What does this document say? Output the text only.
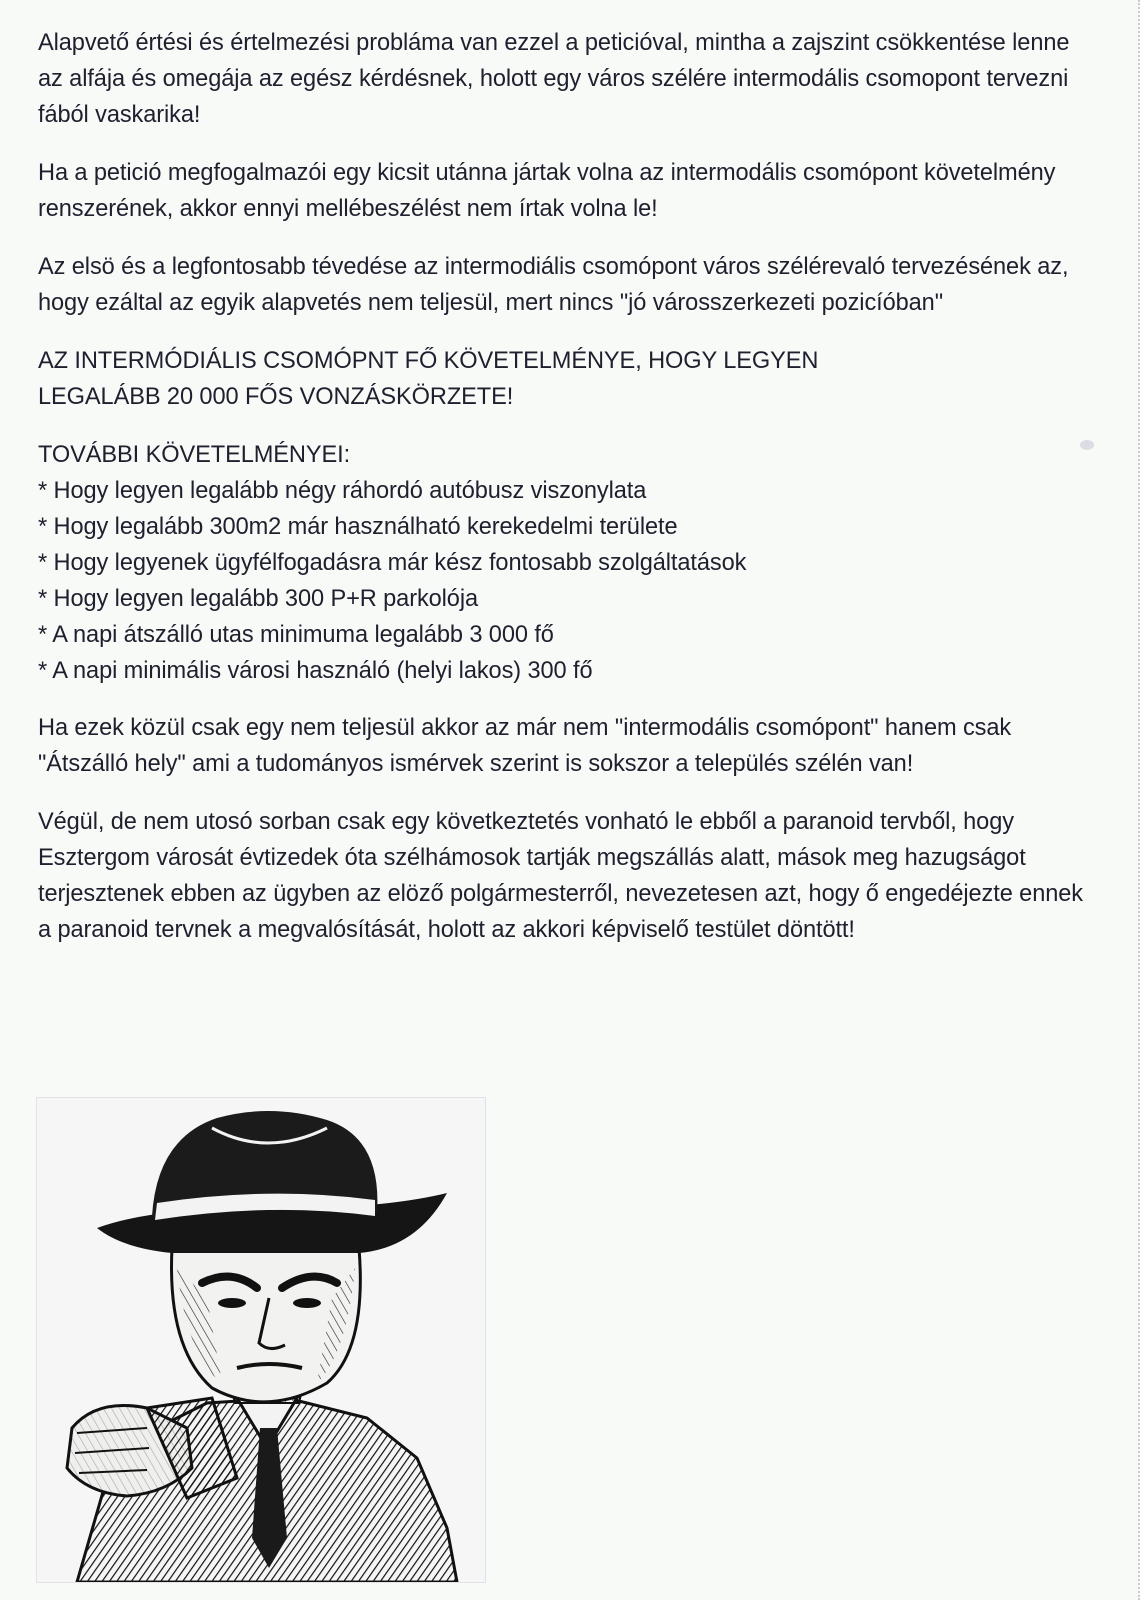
Alapvető értési és értelmezési probláma van ezzel a peticióval, mintha a zajszint csökkentése lenne az alfája és omegája az egész kérdésnek, holott egy város szélére intermodális csomopont tervezni fából vaskarika!

Ha a petició megfogalmazói egy kicsit utánna jártak volna az intermodális csomópont követelmény renszerének, akkor ennyi mellébeszélést nem írtak volna le!

Az elsö és a legfontosabb tévedése az intermodiális csomópont város szélérevaló tervezésének az, hogy ezáltal az egyik alapvetés nem teljesül, mert nincs "jó városszerkezeti pozicíóban"

AZ INTERMÓDIÁLIS CSOMÓPNT FŐ KÖVETELMÉNYE, HOGY LEGYEN
LEGALÁBB 20 000 FŐS VONZÁSKÖRZETE!

TOVÁBBI KÖVETELMÉNYEI:
* Hogy legyen legalább négy ráhordó autóbusz viszonylata
* Hogy legalább 300m2 már használható kerekedelmi területe
* Hogy legyenek ügyfélfogadásra már kész fontosabb szolgáltatások
* Hogy legyen legalább 300 P+R parkolója
* A napi átszálló utas minimuma legalább 3 000 fő
* A napi minimális városi használó (helyi lakos) 300 fő

Ha ezek közül csak egy nem teljesül akkor az már nem "intermodális csomópont" hanem csak "Átszálló hely" ami a tudományos ismérvek szerint is sokszor a település szélén van!

Végül, de nem utosó sorban csak egy következtetés vonható le ebből a paranoid tervből, hogy Esztergom városát évtizedek óta szélhámosok tartják megszállás alatt, mások meg hazugságot terjesztenek ebben az ügyben az elöző polgármesterről, nevezetesen azt, hogy ő engedéjezte ennek a paranoid tervnek a megvalósítását, holott az akkori képviselő testület döntött!
